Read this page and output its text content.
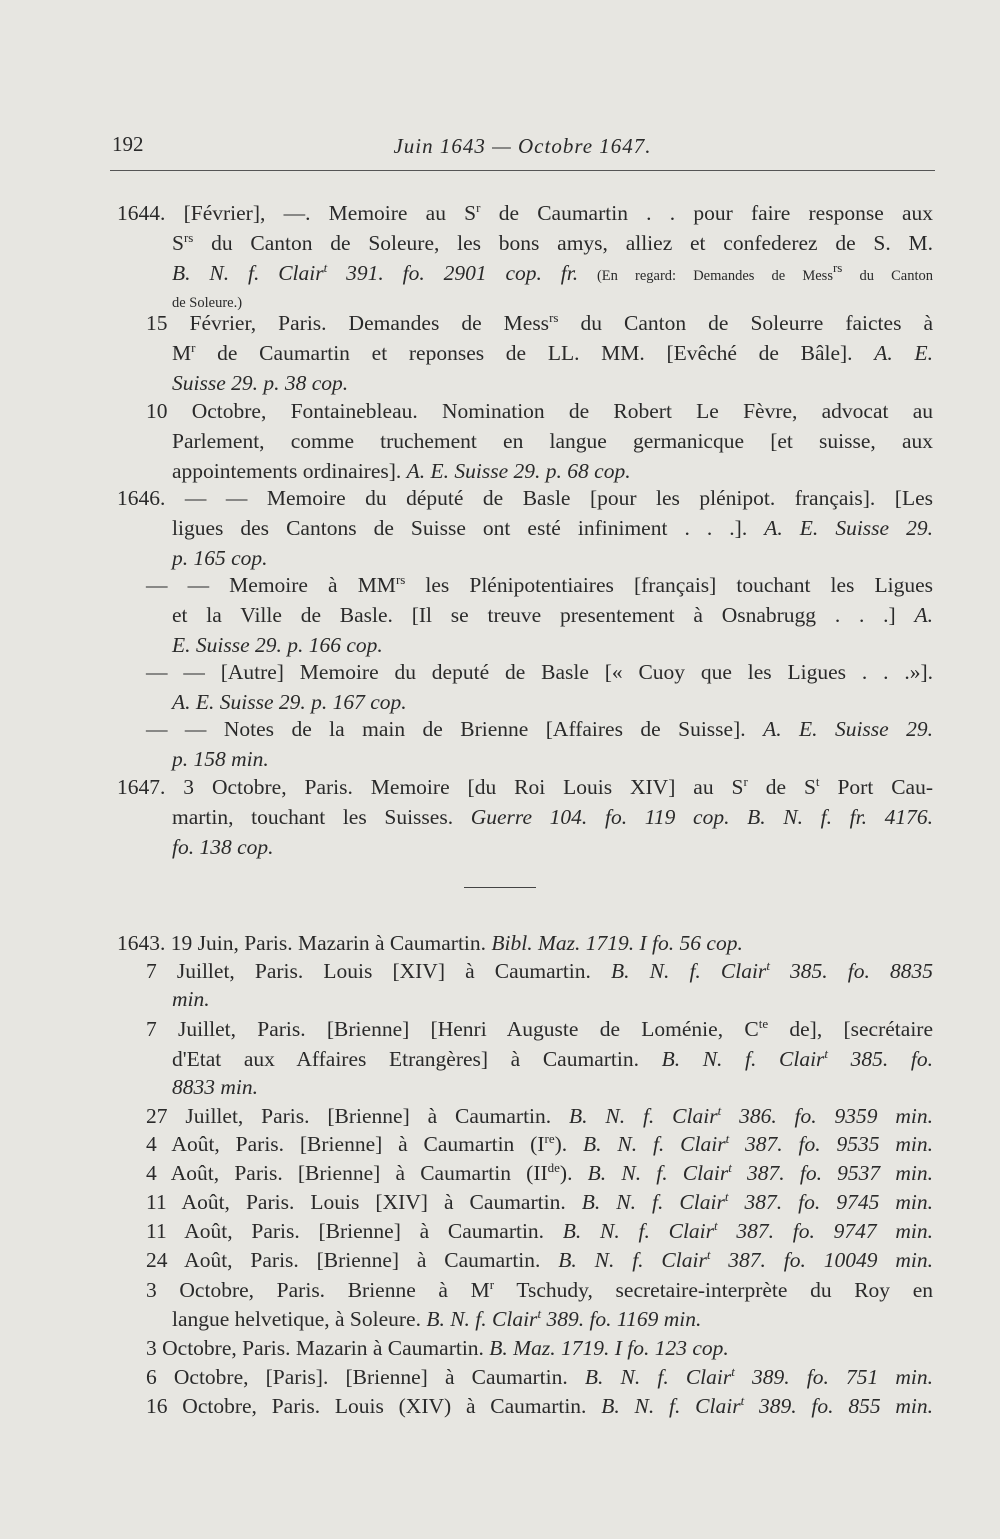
192	Juin 1643 — Octobre 1647.
1644. [Février], —. Memoire au $S^r$ de Caumartin . . pour faire response aux
$S^{rs}$ du Canton de Soleure, les bons amys, alliez et confederez de S. M.
B. N. f. Clair$^t$ 391. fo. 2901 cop. fr. (En regard: Demandes de Mess$^{rs}$ du Canton
de Soleure.)
15 Février, Paris. Demandes de Mess$^{rs}$ du Canton de Soleurre faictes à
$M^r$ de Caumartin et reponses de LL. MM. [Evêché de Bâle]. A. E.
Suisse 29. p. 38 cop.
10 Octobre, Fontainebleau. Nomination de Robert Le Fèvre, advocat au
Parlement, comme truchement en langue germanicque [et suisse, aux
appointements ordinaires]. A. E. Suisse 29. p. 68 cop.
1646. — — Memoire du député de Basle [pour les plénipot. français]. [Les
ligues des Cantons de Suisse ont esté infiniment . . .]. A. E. Suisse 29.
p. 165 cop.
— — Memoire à $MM^{rs}$ les Plénipotentiaires [français] touchant les Ligues
et la Ville de Basle. [Il se treuve presentement à Osnabrugg . . .] A.
E. Suisse 29. p. 166 cop.
— — [Autre] Memoire du deputé de Basle [« Cuoy que les Ligues . . .»].
A. E. Suisse 29. p. 167 cop.
— — Notes de la main de Brienne [Affaires de Suisse]. A. E. Suisse 29.
p. 158 min.
1647. 3 Octobre, Paris. Memoire [du Roi Louis XIV] au $S^r$ de $S^t$ Port Cau-
martin, touchant les Suisses. Guerre 104. fo. 119 cop. B. N. f. fr. 4176.
fo. 138 cop.
1643. 19 Juin, Paris. Mazarin à Caumartin. Bibl. Maz. 1719. I fo. 56 cop.
7 Juillet, Paris. Louis [XIV] à Caumartin. B. N. f. Clair$^t$ 385. fo. 8835
min.
7 Juillet, Paris. [Brienne] [Henri Auguste de Loménie, $C^{te}$ de], [secrétaire
d'Etat aux Affaires Etrangères] à Caumartin. B. N. f. Clair$^t$ 385. fo.
8833 min.
27 Juillet, Paris. [Brienne] à Caumartin. B. N. f. Clair$^t$ 386. fo. 9359 min.
4 Août, Paris. [Brienne] à Caumartin (Ire). B. N. f. Clair$^t$ 387. fo. 9535 min.
4 Août, Paris. [Brienne] à Caumartin (IIde). B. N. f. Clair$^t$ 387. fo. 9537 min.
11 Août, Paris. Louis [XIV] à Caumartin. B. N. f. Clair$^t$ 387. fo. 9745 min.
11 Août, Paris. [Brienne] à Caumartin. B. N. f. Clair$^t$ 387. fo. 9747 min.
24 Août, Paris. [Brienne] à Caumartin. B. N. f. Clair$^t$ 387. fo. 10049 min.
3 Octobre, Paris. Brienne à $M^r$ Tschudy, secretaire-interprète du Roy en
langue helvetique, à Soleure. B. N. f. Clair$^t$ 389. fo. 1169 min.
3 Octobre, Paris. Mazarin à Caumartin. B. Maz. 1719. I fo. 123 cop.
6 Octobre, [Paris]. [Brienne] à Caumartin. B. N. f. Clair$^t$ 389. fo. 751 min.
16 Octobre, Paris. Louis (XIV) à Caumartin. B. N. f. Clair$^t$ 389. fo. 855 min.
